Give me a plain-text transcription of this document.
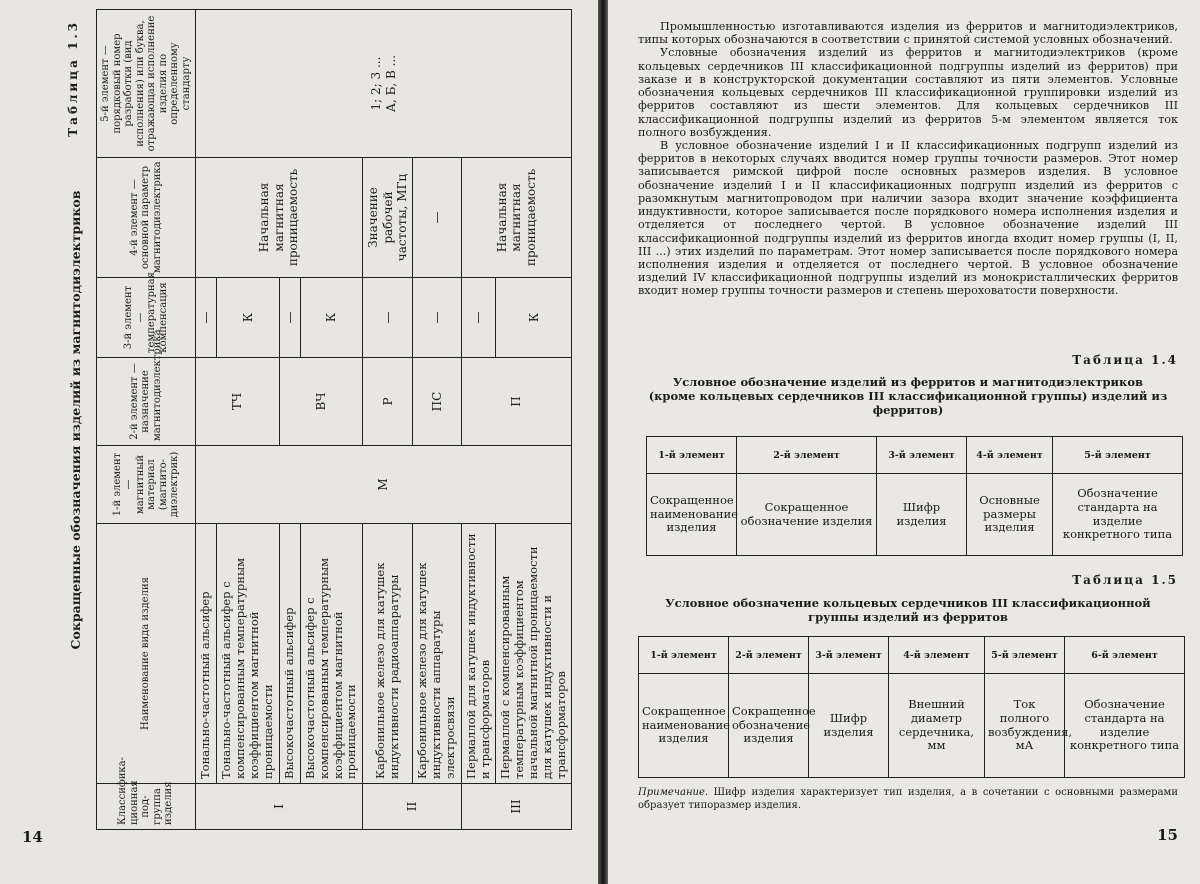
Таблица 1.3
Сокращенные обозначения изделий из магнитодиэлектриков
Классифика-ционная под-группа изделия	Наименование вида изделия	1-й элемент — магнитный материал (магнито-диэлектрик)	2-й элемент — назначение магнитодиэлектрика	3-й элемент — температурная компенсация	4-й элемент — основной параметр магнитодиэлектрика	5-й элемент — порядковый номер разработки (вид исполнения) или буква, отражающая исполнение изделия по определенному стандарту
I	Тонально-частотный альсифер	М	ТЧ	—	Начальная магнитная проницаемость	1; 2; 3 ...
А, Б, В ...
	Тонально-частотный альсифер с компенсированным температурным коэффициентом магнитной проницаемости			К		
	Высокочастотный альсифер		ВЧ	—		
	Высокочастотный альсифер с компенсированным температурным коэффициентом магнитной проницаемости			К		
II	Карбонильное железо для катушек индуктивности радиоаппаратуры		Р	—	Значение рабочей частоты, МГц	
	Карбонильное железо для катушек индуктивности аппаратуры электросвязи		ПС	—	—	
III	Пермаллой для катушек индуктивности и трансформаторов		П	—	Начальная магнитная проницаемость	
	Пермаллой с компенсированным температурным коэффициентом начальной магнитной проницаемости для катушек индуктивности и трансформаторов			К		
14

Промышленностью изготавливаются изделия из ферритов и магнитодиэлектриков, типы которых обозначаются в соответствии с принятой системой условных обозначений.

Условные обозначения изделий из ферритов и магнитодиэлектриков (кроме кольцевых сердечников III классификационной подгруппы изделий из ферритов) при заказе и в конструкторской документации составляют из пяти элементов. Условные обозначения кольцевых сердечников III классификационной группировки изделий из ферритов составляют из шести элементов. Для кольцевых сердечников III классификационной подгруппы изделий из ферритов 5-м элементом является ток полного возбуждения.

В условное обозначение изделий I и II классификационных подгрупп изделий из ферритов в некоторых случаях вводится номер группы точности размеров. Этот номер записывается римской цифрой после основных размеров изделия. В условное обозначение изделий I и II классификационных подгрупп изделий из ферритов с разомкнутым магнитопроводом при наличии зазора входит значение коэффициента индуктивности, которое записывается после порядкового номера исполнения изделия и отделяется от последнего чертой. В условное обозначение изделий III классификационной подгруппы изделий из ферритов иногда входит номер группы (I, II, III ...) этих изделий по параметрам. Этот номер записывается после порядкового номера исполнения изделия и отделяется от последнего чертой. В условное обозначение изделий IV классификационной подгруппы изделий из монокристаллических ферритов входит номер группы точности размеров и степень шероховатости поверхности.

Таблица 1.4
Условное обозначение изделий из ферритов и магнитодиэлектриков (кроме кольцевых сердечников III классификационной группы) изделий из ферритов)
1-й элемент	2-й элемент	3-й элемент	4-й элемент	5-й элемент
Сокращенное наименование изделия	Сокращенное обозначение изделия	Шифр изделия	Основные размеры изделия	Обозначение стандарта на изделие конкретного типа
Таблица 1.5
Условное обозначение кольцевых сердечников III классификационной группы изделий из ферритов
1-й элемент	2-й элемент	3-й элемент	4-й элемент	5-й элемент	6-й элемент
Сокращенное наименование изделия	Сокращенное обозначение изделия	Шифр изделия	Внешний диаметр сердечника, мм	Ток полного возбуждения, мА	Обозначение стандарта на изделие конкретного типа
Примечание. Шифр изделия характеризует тип изделия, а в сочетании с основными размерами образует типоразмер изделия.
15
